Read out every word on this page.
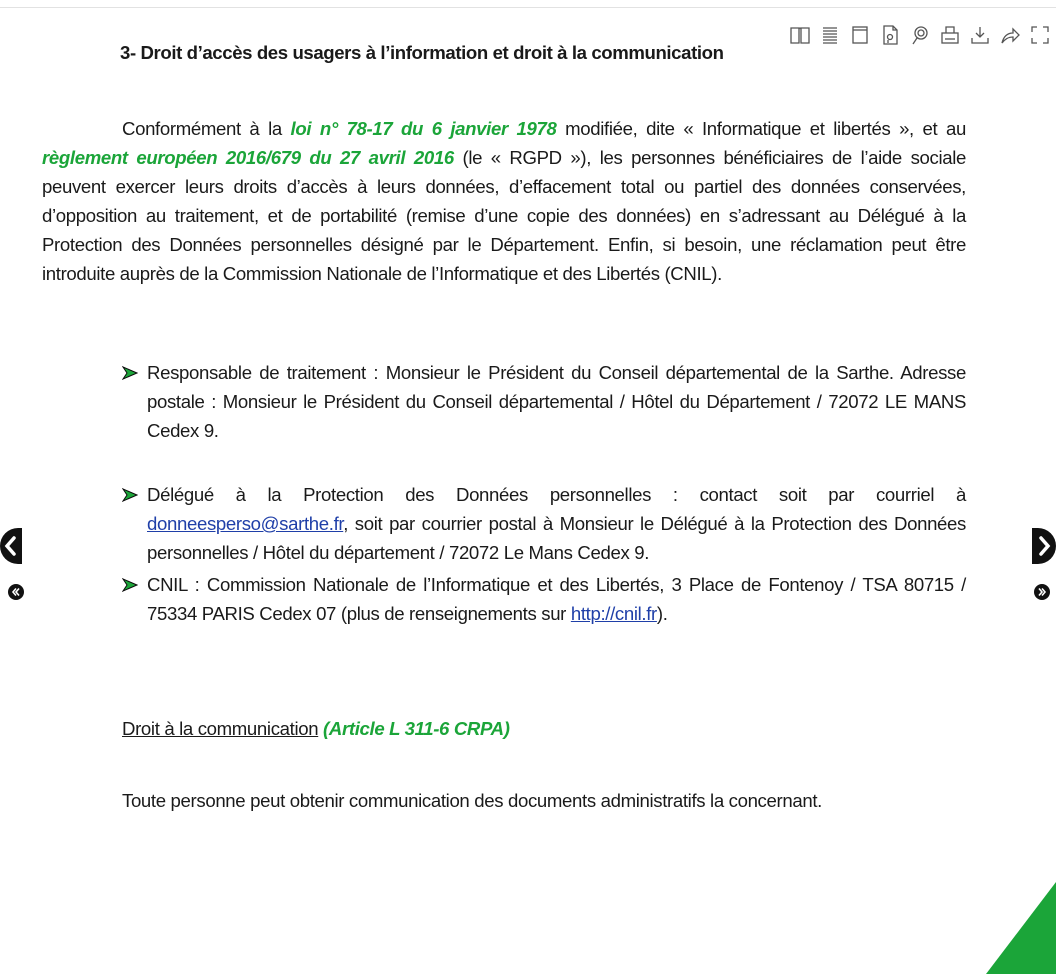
3- Droit d’accès des usagers à l’information et droit à la communication
Conformément à la loi n° 78-17 du 6 janvier 1978 modifiée, dite « Informatique et libertés », et au règlement européen 2016/679 du 27 avril 2016 (le « RGPD »), les personnes bénéficiaires de l’aide sociale peuvent exercer leurs droits d’accès à leurs données, d’effacement total ou partiel des données conservées, d’opposition au traitement, et de portabilité (remise d’une copie des données) en s’adressant au Délégué à la Protection des Données personnelles désigné par le Département. Enfin, si besoin, une réclamation peut être introduite auprès de la Commission Nationale de l’Informatique et des Libertés (CNIL).
Responsable de traitement : Monsieur le Président du Conseil départemental de la Sarthe. Adresse postale : Monsieur le Président du Conseil départemental / Hôtel du Département / 72072 LE MANS Cedex 9.
Délégué à la Protection des Données personnelles : contact soit par courriel à donneesperso@sarthe.fr, soit par courrier postal à Monsieur le Délégué à la Protection des Données personnelles / Hôtel du département / 72072 Le Mans Cedex 9.
CNIL : Commission Nationale de l’Informatique et des Libertés, 3 Place de Fontenoy / TSA 80715 / 75334 PARIS Cedex 07 (plus de renseignements sur http://cnil.fr).
Droit à la communication (Article L 311-6 CRPA)
Toute personne peut obtenir communication des documents administratifs la concernant.
